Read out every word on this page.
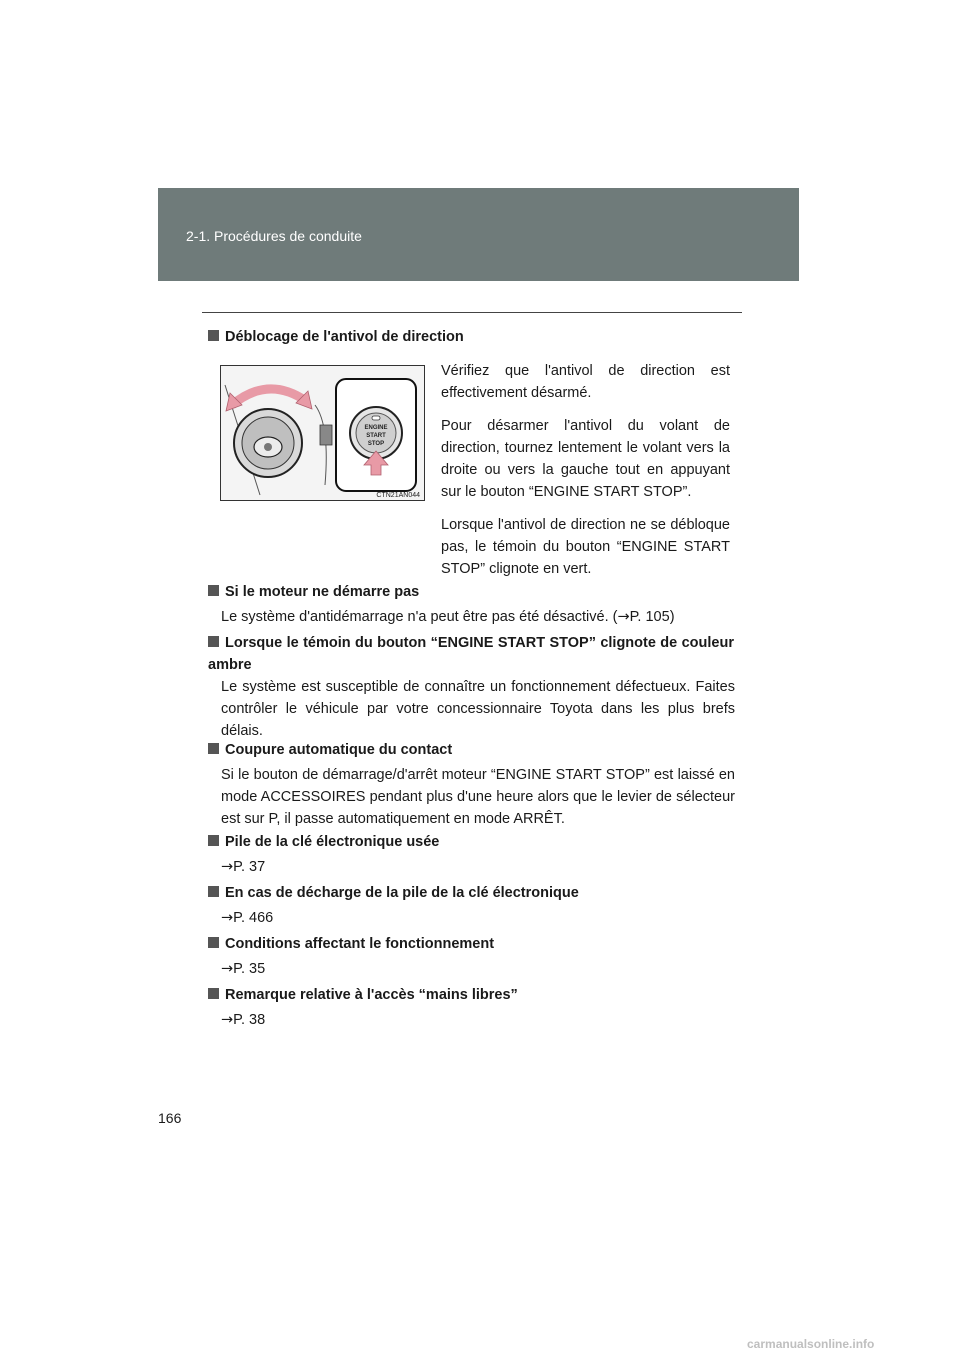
2-1. Procédures de conduite
Déblocage de l'antivol de direction
ENGINE
START
STOP
CTN21AN044

Vérifiez que l'antivol de direction est effectivement désarmé.

Pour désarmer l'antivol du volant de direction, tournez lentement le volant vers la droite ou vers la gauche tout en appuyant sur le bouton “ENGINE START STOP”.

Lorsque l'antivol de direction ne se débloque pas, le témoin du bouton “ENGINE START STOP” clignote en vert.

Si le moteur ne démarre pas
Le système d'antidémarrage n'a peut être pas été désactivé. (→P. 105)
Lorsque le témoin du bouton “ENGINE START STOP” clignote de couleur ambre
Le système est susceptible de connaître un fonctionnement défectueux. Faites contrôler le véhicule par votre concessionnaire Toyota dans les plus brefs délais.
Coupure automatique du contact
Si le bouton de démarrage/d'arrêt moteur “ENGINE START STOP” est laissé en mode ACCESSOIRES pendant plus d'une heure alors que le levier de sélecteur est sur P, il passe automatiquement en mode ARRÊT.
Pile de la clé électronique usée
→P. 37
En cas de décharge de la pile de la clé électronique
→P. 466
Conditions affectant le fonctionnement
→P. 35
Remarque relative à l'accès “mains libres”
→P. 38
166
carmanualsonline.info
